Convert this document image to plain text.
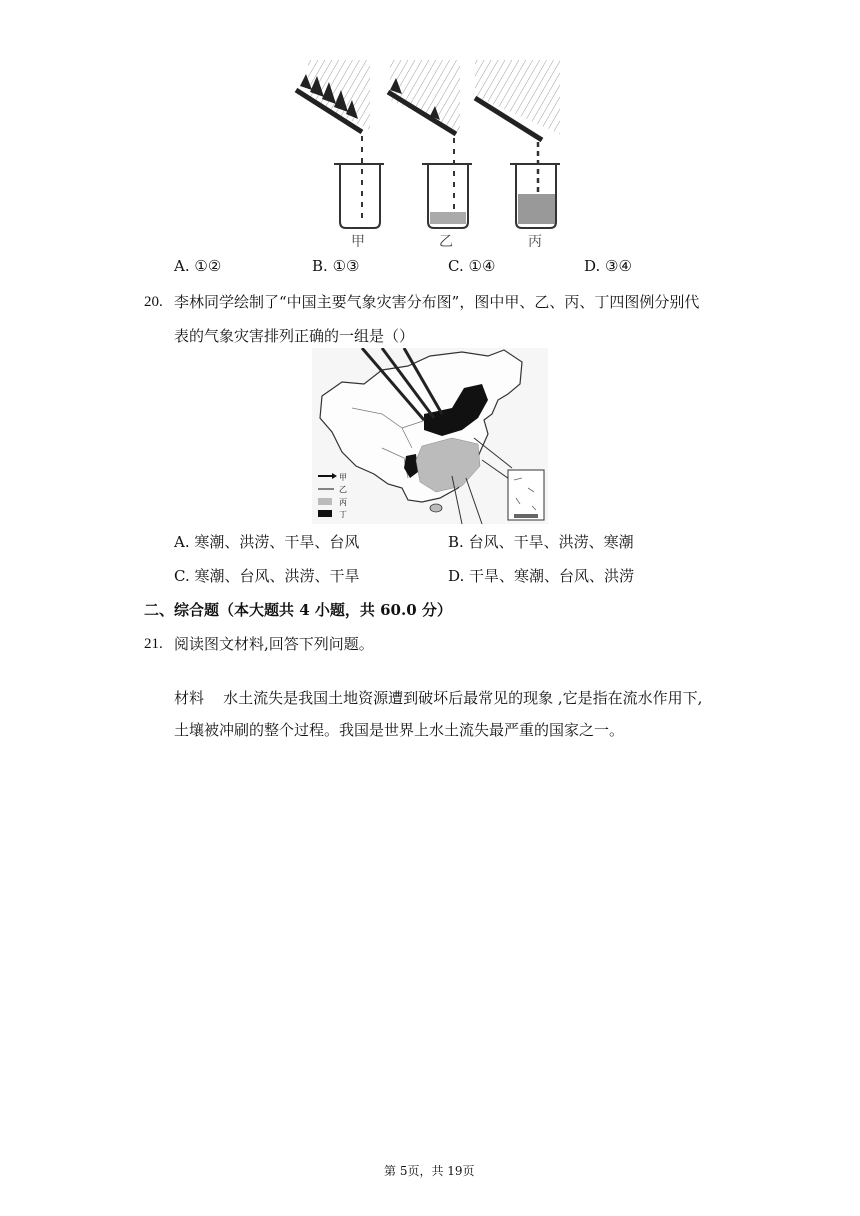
甲	乙	丙
A. ①②	B. ①③	C. ①④	D. ③④
20. 李林同学绘制了“中国主要气象灾害分布图”，图中甲、乙、丙、丁四图例分别代
表的气象灾害排列正确的一组是（）
甲
乙
丙
丁
A. 寒潮、洪涝、干旱、台风	B. 台风、干旱、洪涝、寒潮
C. 寒潮、台风、洪涝、干旱	D. 干旱、寒潮、台风、洪涝
二、综合题（本大题共 4 小题，共 60.0 分）
21. 阅读图文材料,回答下列问题。
材料    水土流失是我国土地资源遭到破坏后最常见的现象 ,它是指在流水作用下,
土壤被冲刷的整个过程。我国是世界上水土流失最严重的国家之一。
第 5页，共 19页
